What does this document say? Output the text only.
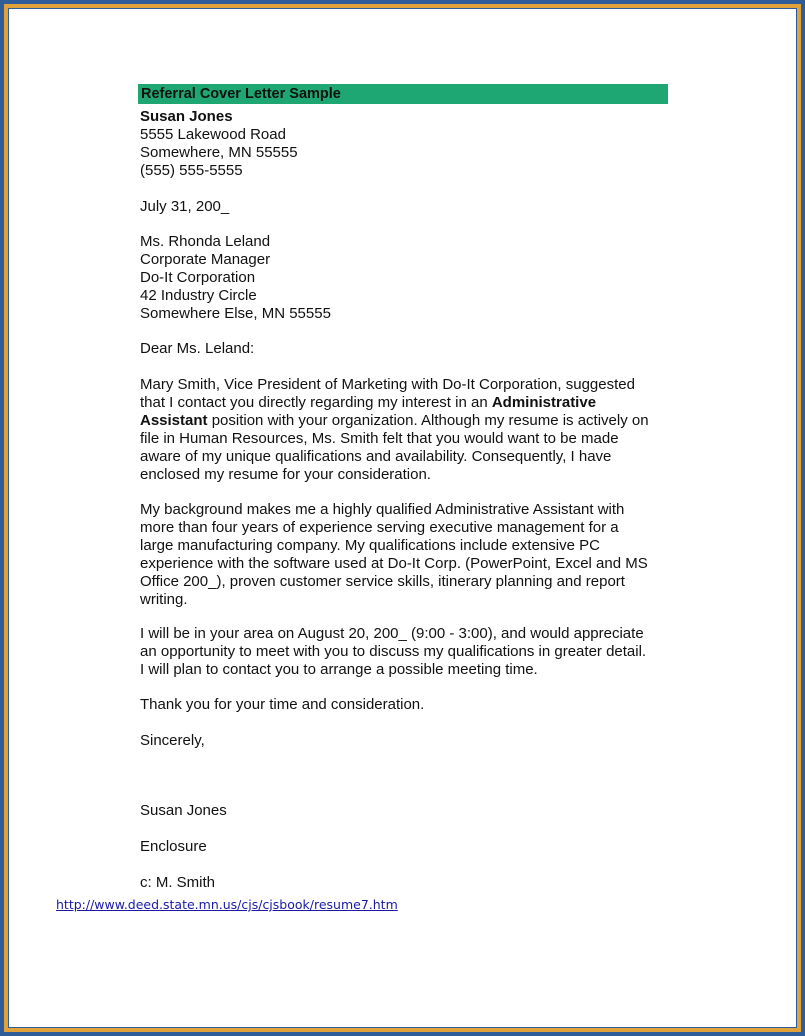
Referral Cover Letter Sample
Susan Jones
5555 Lakewood Road
Somewhere, MN 55555
(555) 555-5555
July 31, 200_
Ms. Rhonda Leland
Corporate Manager
Do-It Corporation
42 Industry Circle
Somewhere Else, MN 55555
Dear Ms. Leland:
Mary Smith, Vice President of Marketing with Do-It Corporation, suggested
that I contact you directly regarding my interest in an Administrative
Assistant position with your organization. Although my resume is actively on
file in Human Resources, Ms. Smith felt that you would want to be made
aware of my unique qualifications and availability. Consequently, I have
enclosed my resume for your consideration.
My background makes me a highly qualified Administrative Assistant with
more than four years of experience serving executive management for a
large manufacturing company. My qualifications include extensive PC
experience with the software used at Do-It Corp. (PowerPoint, Excel and MS
Office 200_), proven customer service skills, itinerary planning and report
writing.
I will be in your area on August 20, 200_ (9:00 - 3:00), and would appreciate
an opportunity to meet with you to discuss my qualifications in greater detail.
I will plan to contact you to arrange a possible meeting time.
Thank you for your time and consideration.
Sincerely,
Susan Jones
Enclosure
c: M. Smith
http://www.deed.state.mn.us/cjs/cjsbook/resume7.htm
